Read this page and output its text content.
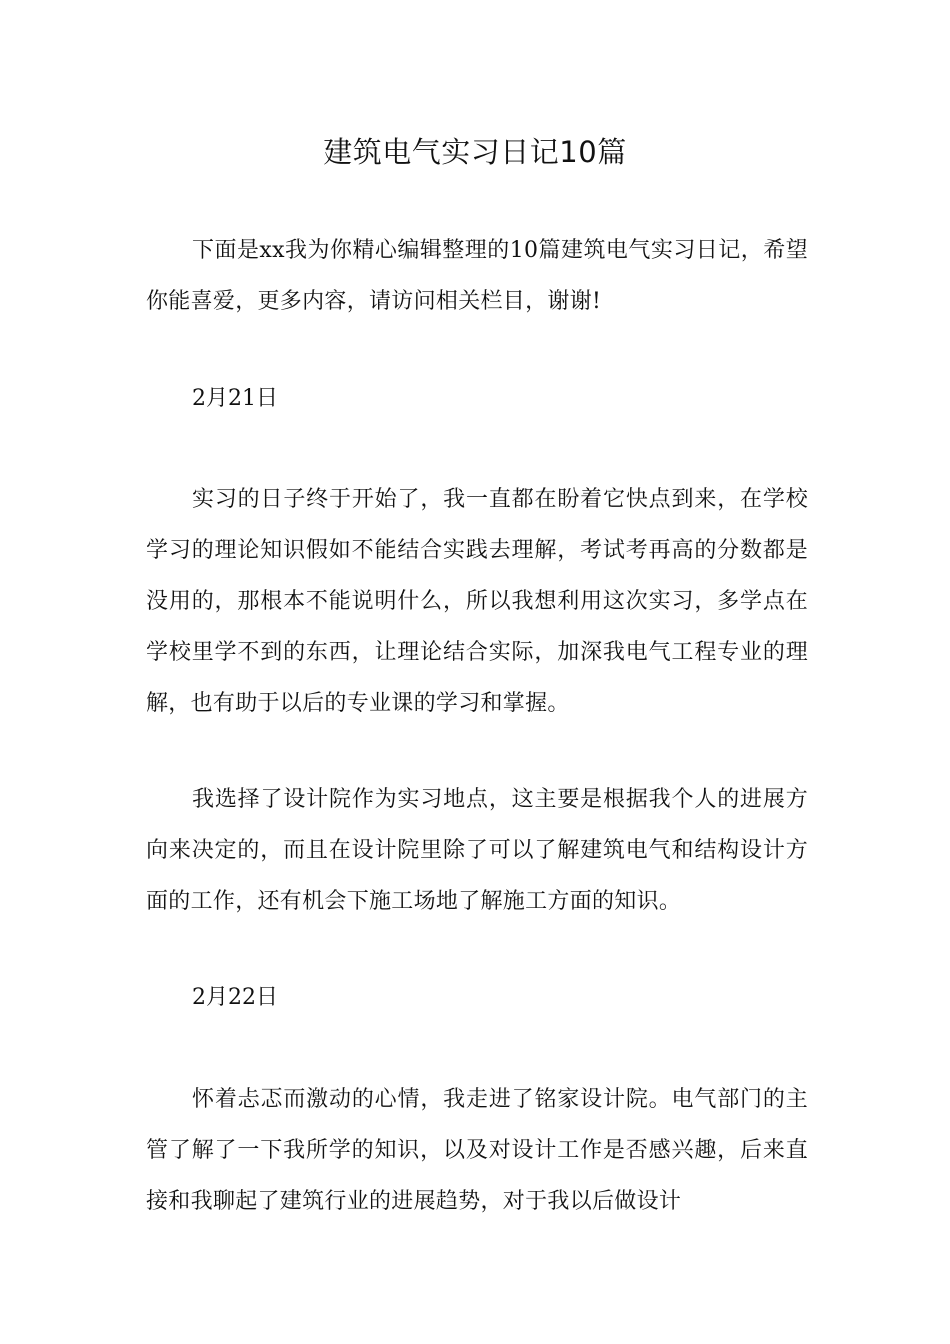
建筑电气实习日记10篇

下面是xx我为你精心编辑整理的10篇建筑电气实习日记，希望你能喜爱，更多内容，请访问相关栏目，谢谢!

2月21日

实习的日子终于开始了，我一直都在盼着它快点到来，在学校学习的理论知识假如不能结合实践去理解，考试考再高的分数都是没用的，那根本不能说明什么，所以我想利用这次实习，多学点在学校里学不到的东西，让理论结合实际，加深我电气工程专业的理解，也有助于以后的专业课的学习和掌握。

我选择了设计院作为实习地点，这主要是根据我个人的进展方向来决定的，而且在设计院里除了可以了解建筑电气和结构设计方面的工作，还有机会下施工场地了解施工方面的知识。

2月22日

怀着忐忑而激动的心情，我走进了铭家设计院。电气部门的主管了解了一下我所学的知识，以及对设计工作是否感兴趣，后来直接和我聊起了建筑行业的进展趋势，对于我以后做设计
